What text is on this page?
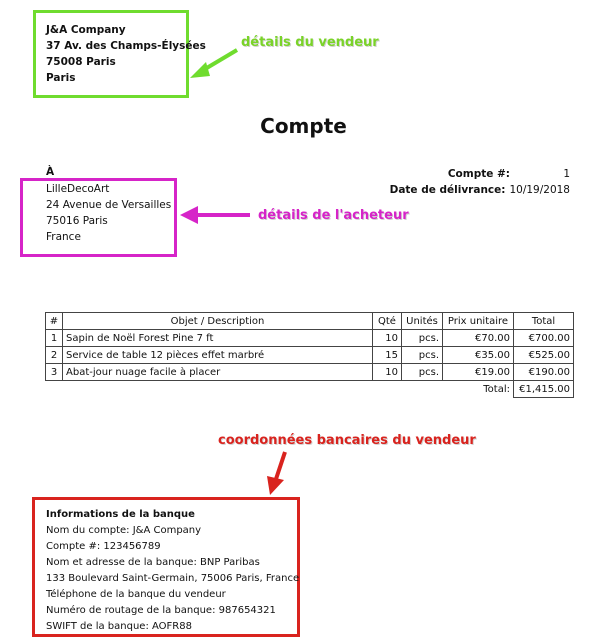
J&A Company
37 Av. des Champs-Élysées
75008 Paris
Paris
détails du vendeur
Compte
À
LilleDecoArt
24 Avenue de Versailles
75016 Paris
France
détails de l'acheteur
Compte #:	1
Date de délivrance: 10/19/2018
#	Objet / Description	Qté	Unités	Prix unitaire	Total
1	Sapin de Noël Forest Pine 7 ft	10	pcs.	€70.00	€700.00
2	Service de table 12 pièces effet marbré	15	pcs.	€35.00	€525.00
3	Abat-jour nuage facile à placer	10	pcs.	€19.00	€190.00
				Total:	€1,415.00
coordonnées bancaires du vendeur
Informations de la banque
Nom du compte: J&A Company
Compte #: 123456789
Nom et adresse de la banque: BNP Paribas
133 Boulevard Saint-Germain, 75006 Paris, France
Téléphone de la banque du vendeur
Numéro de routage de la banque: 987654321
SWIFT de la banque: AOFR88
